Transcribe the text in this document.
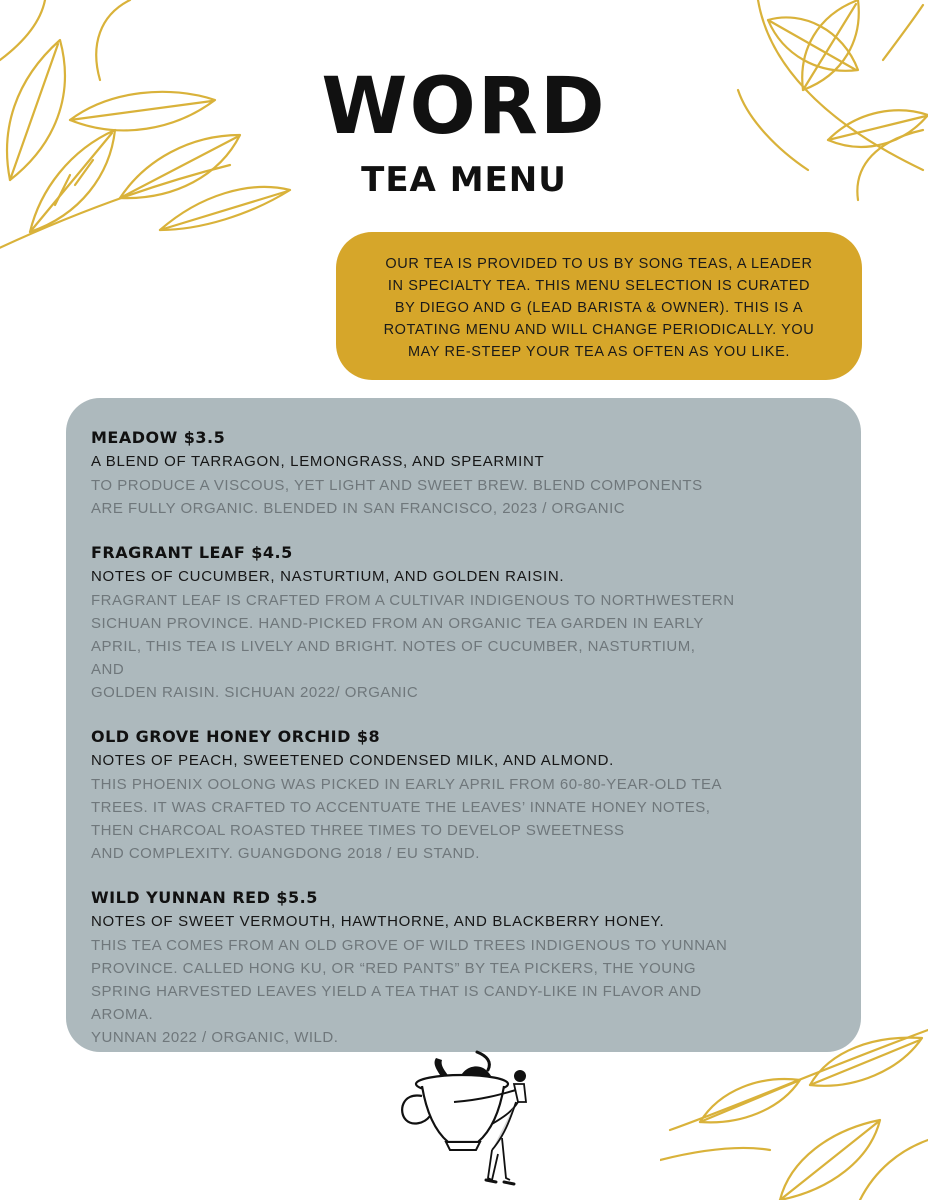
WORD
TEA MENU
OUR TEA IS PROVIDED TO US BY SONG TEAS, A LEADER
IN SPECIALTY TEA. THIS MENU SELECTION IS CURATED
BY DIEGO AND G (LEAD BARISTA & OWNER). THIS IS A
ROTATING MENU AND WILL CHANGE PERIODICALLY. YOU
MAY RE-STEEP YOUR TEA AS OFTEN AS YOU LIKE.
MEADOW $3.5
A BLEND OF TARRAGON, LEMONGRASS, AND SPEARMINT
TO PRODUCE A VISCOUS, YET LIGHT AND SWEET BREW. BLEND COMPONENTS
ARE FULLY ORGANIC. BLENDED IN SAN FRANCISCO, 2023 / ORGANIC
FRAGRANT LEAF $4.5
NOTES OF CUCUMBER, NASTURTIUM, AND GOLDEN RAISIN.
FRAGRANT LEAF IS CRAFTED FROM A CULTIVAR INDIGENOUS TO NORTHWESTERN
SICHUAN PROVINCE. HAND-PICKED FROM AN ORGANIC TEA GARDEN IN EARLY
APRIL, THIS TEA IS LIVELY AND BRIGHT. NOTES OF CUCUMBER, NASTURTIUM,
AND
GOLDEN RAISIN. SICHUAN 2022/ ORGANIC
OLD GROVE HONEY ORCHID $8
NOTES OF PEACH, SWEETENED CONDENSED MILK, AND ALMOND.
THIS PHOENIX OOLONG WAS PICKED IN EARLY APRIL FROM 60-80-YEAR-OLD TEA
TREES. IT WAS CRAFTED TO ACCENTUATE THE LEAVES’ INNATE HONEY NOTES,
THEN CHARCOAL ROASTED THREE TIMES TO DEVELOP SWEETNESS
AND COMPLEXITY. GUANGDONG 2018 / EU STAND.
WILD YUNNAN RED $5.5
NOTES OF SWEET VERMOUTH, HAWTHORNE, AND BLACKBERRY HONEY.
THIS TEA COMES FROM AN OLD GROVE OF WILD TREES INDIGENOUS TO YUNNAN
PROVINCE. CALLED HONG KU, OR “RED PANTS” BY TEA PICKERS, THE YOUNG
SPRING HARVESTED LEAVES YIELD A TEA THAT IS CANDY-LIKE IN FLAVOR AND
AROMA.
YUNNAN 2022 / ORGANIC, WILD.
